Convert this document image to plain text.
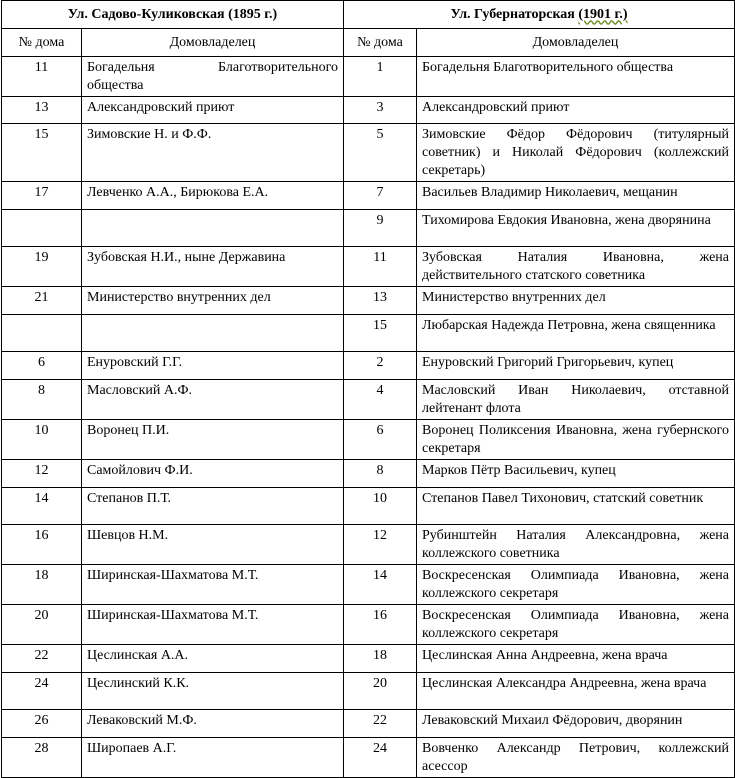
Ул. Садово-Куликовская (1895 г.)		Ул. Губернаторская (1901 г.)	
№ дома	Домовладелец	№ дома	Домовладелец
11	Богадельня Благотворительного общества	1	Богадельня Благотворительного общества
13	Александровский приют	3	Александровский приют
15	Зимовские Н. и Ф.Ф.	5	Зимовские Фёдор Фёдорович (титулярный советник) и Николай Фёдорович (коллежский секретарь)
17	Левченко А.А., Бирюкова Е.А.	7	Васильев Владимир Николаевич, мещанин
		9	Тихомирова Евдокия Ивановна, жена дворянина
19	Зубовская Н.И., ныне Державина	11	Зубовская Наталия Ивановна, жена действительного статского советника
21	Министерство внутренних дел	13	Министерство внутренних дел
		15	Любарская Надежда Петровна, жена священника
6	Енуровский Г.Г.	2	Енуровский Григорий Григорьевич, купец
8	Масловский А.Ф.	4	Масловский Иван Николаевич, отставной лейтенант флота
10	Воронец П.И.	6	Воронец Поликсения Ивановна, жена губернского секретаря
12	Самойлович Ф.И.	8	Марков Пётр Васильевич, купец
14	Степанов П.Т.	10	Степанов Павел Тихонович, статский советник
16	Шевцов Н.М.	12	Рубинштейн Наталия Александровна, жена коллежского советника
18	Ширинская-Шахматова М.Т.	14	Воскресенская Олимпиада Ивановна, жена коллежского секретаря
20	Ширинская-Шахматова М.Т.	16	Воскресенская Олимпиада Ивановна, жена коллежского секретаря
22	Цеслинская А.А.	18	Цеслинская Анна Андреевна, жена врача
24	Цеслинский К.К.	20	Цеслинская Александра Андреевна, жена врача
26	Леваковский М.Ф.	22	Леваковский Михаил Фёдорович, дворянин
28	Широпаев А.Г.	24	Вовченко Александр Петрович, коллежский асессор
